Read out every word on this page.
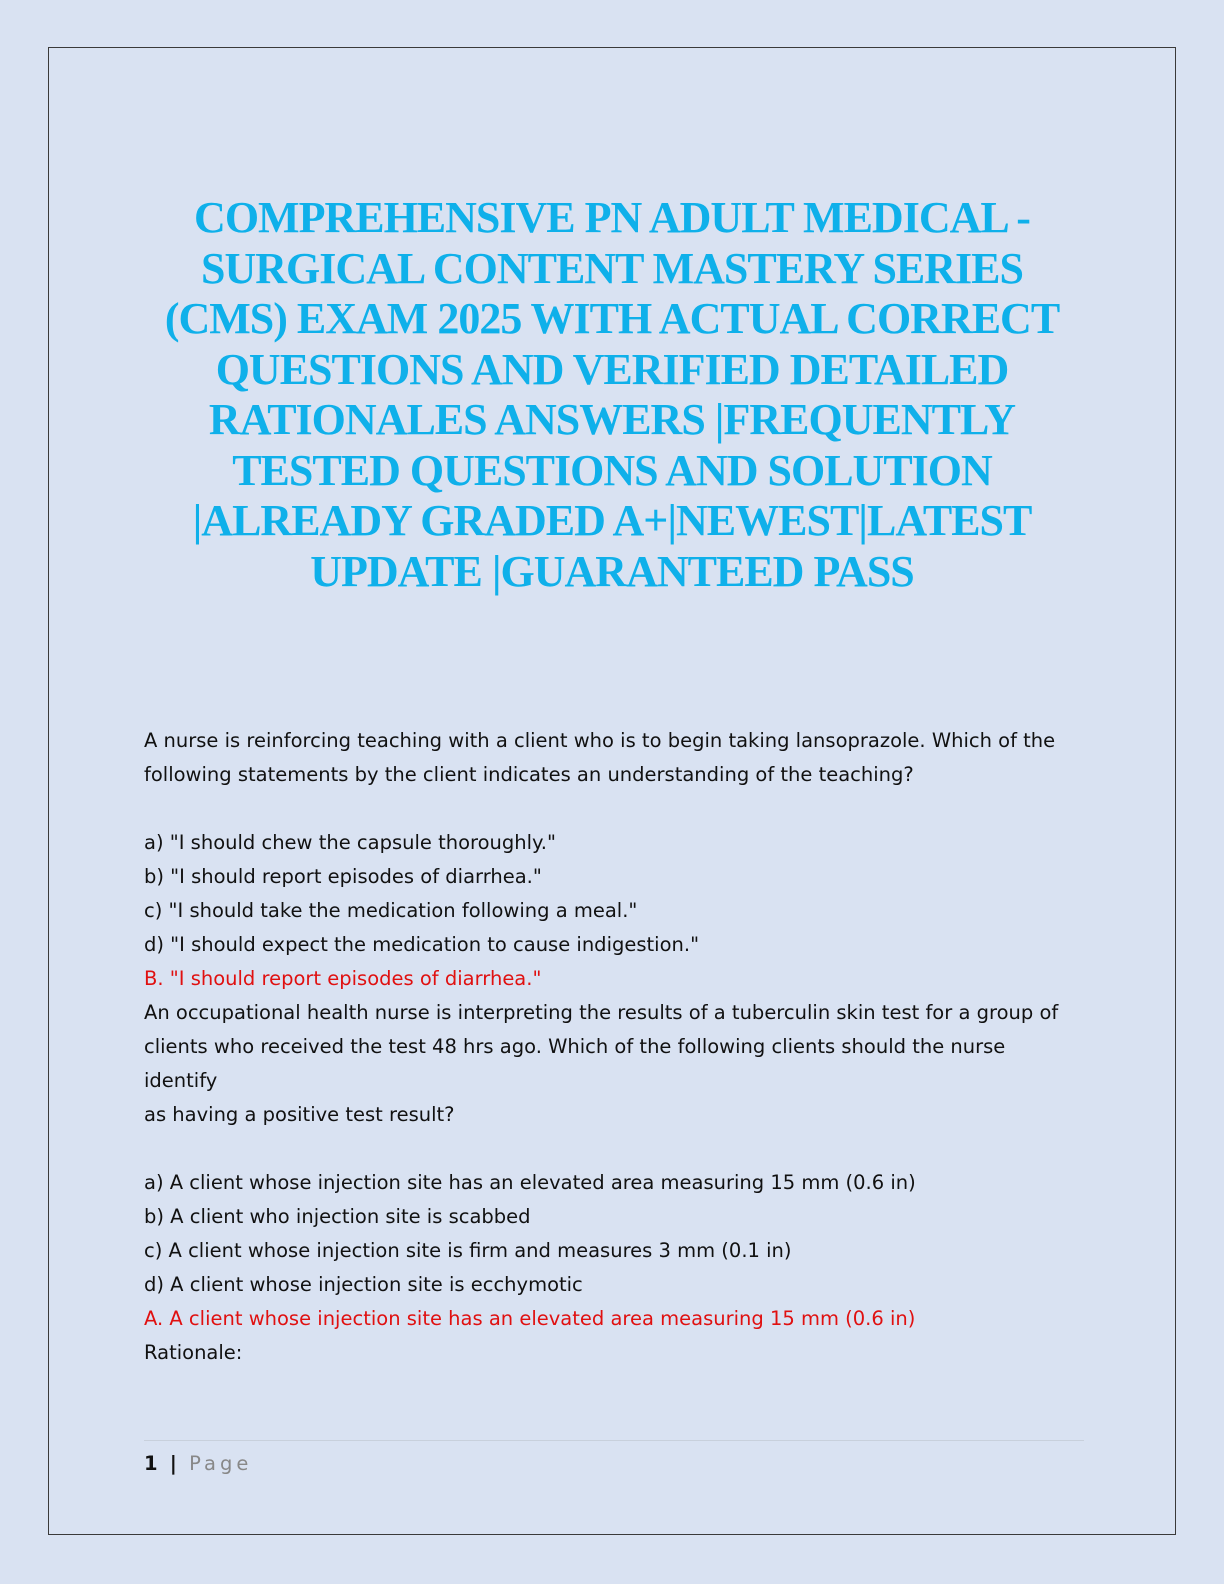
COMPREHENSIVE PN ADULT MEDICAL -
SURGICAL CONTENT MASTERY SERIES
(CMS) EXAM 2025 WITH ACTUAL CORRECT
QUESTIONS AND VERIFIED DETAILED
RATIONALES ANSWERS |FREQUENTLY
TESTED QUESTIONS AND SOLUTION
|ALREADY GRADED A+|NEWEST|LATEST
UPDATE |GUARANTEED PASS

A nurse is reinforcing teaching with a client who is to begin taking lansoprazole. Which of the
following statements by the client indicates an understanding of the teaching?

a) "I should chew the capsule thoroughly."
b) "I should report episodes of diarrhea."
c) "I should take the medication following a meal."
d) "I should expect the medication to cause indigestion."

B. "I should report episodes of diarrhea."

An occupational health nurse is interpreting the results of a tuberculin skin test for a group of
clients who received the test 48 hrs ago. Which of the following clients should the nurse identify
as having a positive test result?

a) A client whose injection site has an elevated area measuring 15 mm (0.6 in)
b) A client who injection site is scabbed
c) A client whose injection site is firm and measures 3 mm (0.1 in)
d) A client whose injection site is ecchymotic

A. A client whose injection site has an elevated area measuring 15 mm (0.6 in)

Rationale:

1 | Page
